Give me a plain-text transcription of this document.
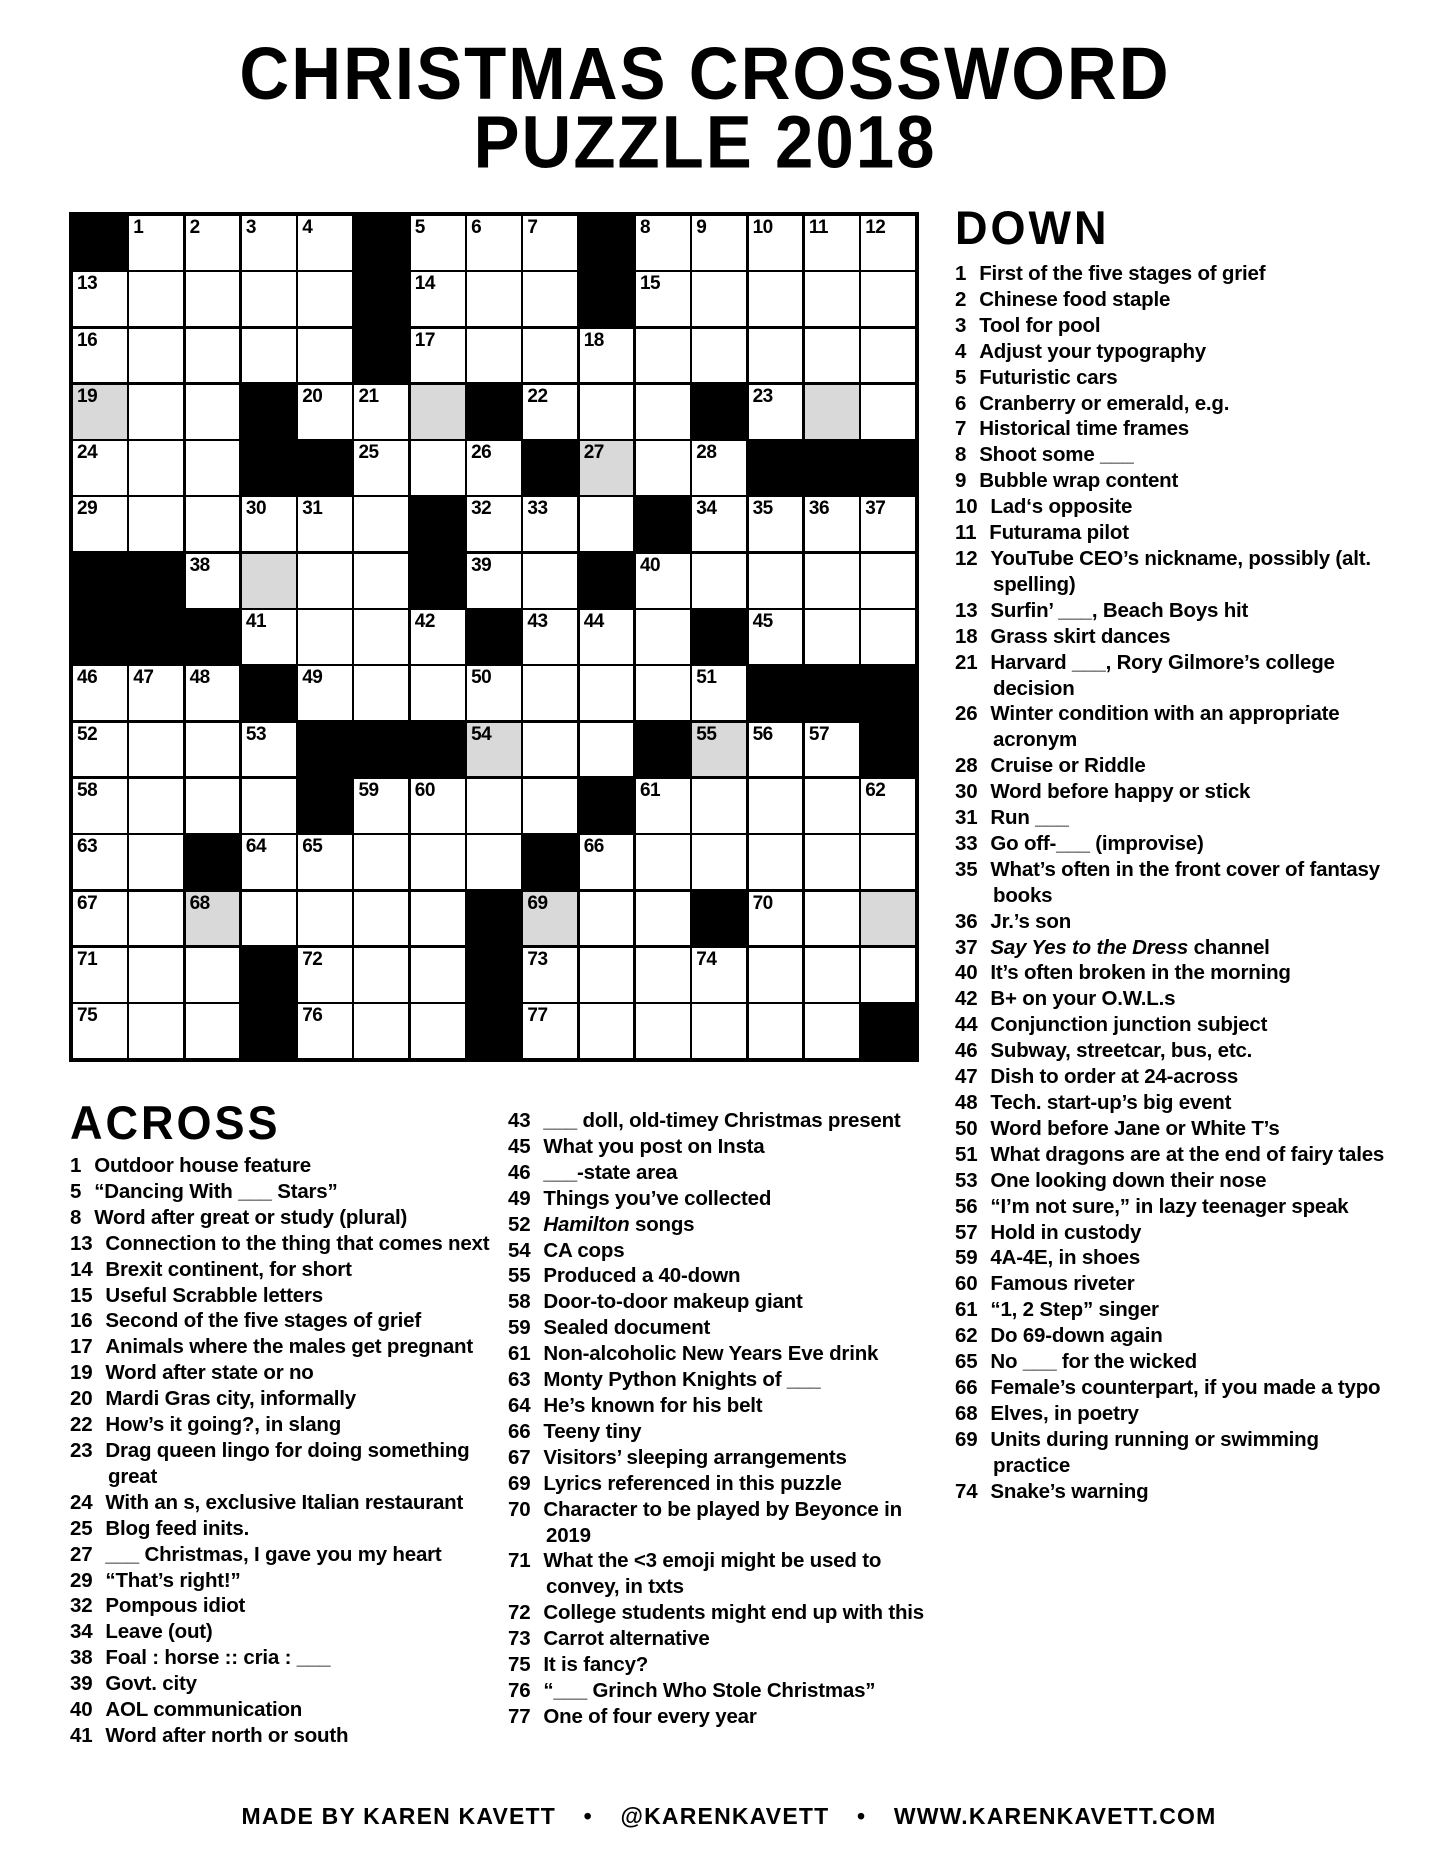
CHRISTMAS CROSSWORD
PUZZLE 2018
1 2 3 4	5 6 7	8 9 10 11 12
13	14	15
16	17	18
19	20 21	22	23
24	25	26	27	28
29	30 31	32 33	34 35 36 37
38	39	40
41	42	43 44	45
46 47 48	49	50	51
52	53	54	55 56 57
58	59 60	61	62
63	64 65	66
67	68	69	70
71	72	73	74
75	76	77
DOWN
1 First of the five stages of grief
2 Chinese food staple
3 Tool for pool
4 Adjust your typography
5 Futuristic cars
6 Cranberry or emerald, e.g.
7 Historical time frames
8 Shoot some ___
9 Bubble wrap content
10 Lad‘s opposite
11 Futurama pilot
12 YouTube CEO’s nickname, possibly (alt. spelling)
13 Surfin’ ___, Beach Boys hit
18 Grass skirt dances
21 Harvard ___, Rory Gilmore’s college decision
26 Winter condition with an appropriate acronym
28 Cruise or Riddle
30 Word before happy or stick
31 Run ___
33 Go off-___ (improvise)
35 What’s often in the front cover of fantasy books
36 Jr.’s son
37 Say Yes to the Dress channel
40 It’s often broken in the morning
42 B+ on your O.W.L.s
44 Conjunction junction subject
46 Subway, streetcar, bus, etc.
47 Dish to order at 24-across
48 Tech. start-up’s big event
50 Word before Jane or White T’s
51 What dragons are at the end of fairy tales
53 One looking down their nose
56 “I’m not sure,” in lazy teenager speak
57 Hold in custody
59 4A-4E, in shoes
60 Famous riveter
61 “1, 2 Step” singer
62 Do 69-down again
65 No ___ for the wicked
66 Female’s counterpart, if you made a typo
68 Elves, in poetry
69 Units during running or swimming practice
74 Snake’s warning
ACROSS
1 Outdoor house feature
5 “Dancing With ___ Stars”
8 Word after great or study (plural)
13 Connection to the thing that comes next
14 Brexit continent, for short
15 Useful Scrabble letters
16 Second of the five stages of grief
17 Animals where the males get pregnant
19 Word after state or no
20 Mardi Gras city, informally
22 How’s it going?, in slang
23 Drag queen lingo for doing something great
24 With an s, exclusive Italian restaurant
25 Blog feed inits.
27 ___ Christmas, I gave you my heart
29 “That’s right!”
32 Pompous idiot
34 Leave (out)
38 Foal : horse :: cria : ___
39 Govt. city
40 AOL communication
41 Word after north or south
43 ___ doll, old-timey Christmas present
45 What you post on Insta
46 ___-state area
49 Things you’ve collected
52 Hamilton songs
54 CA cops
55 Produced a 40-down
58 Door-to-door makeup giant
59 Sealed document
61 Non-alcoholic New Years Eve drink
63 Monty Python Knights of ___
64 He’s known for his belt
66 Teeny tiny
67 Visitors’ sleeping arrangements
69 Lyrics referenced in this puzzle
70 Character to be played by Beyonce in 2019
71 What the <3 emoji might be used to convey, in txts
72 College students might end up with this
73 Carrot alternative
75 It is fancy?
76 “___ Grinch Who Stole Christmas”
77 One of four every year
MADE BY KAREN KAVETT • @KARENKAVETT • WWW.KARENKAVETT.COM
